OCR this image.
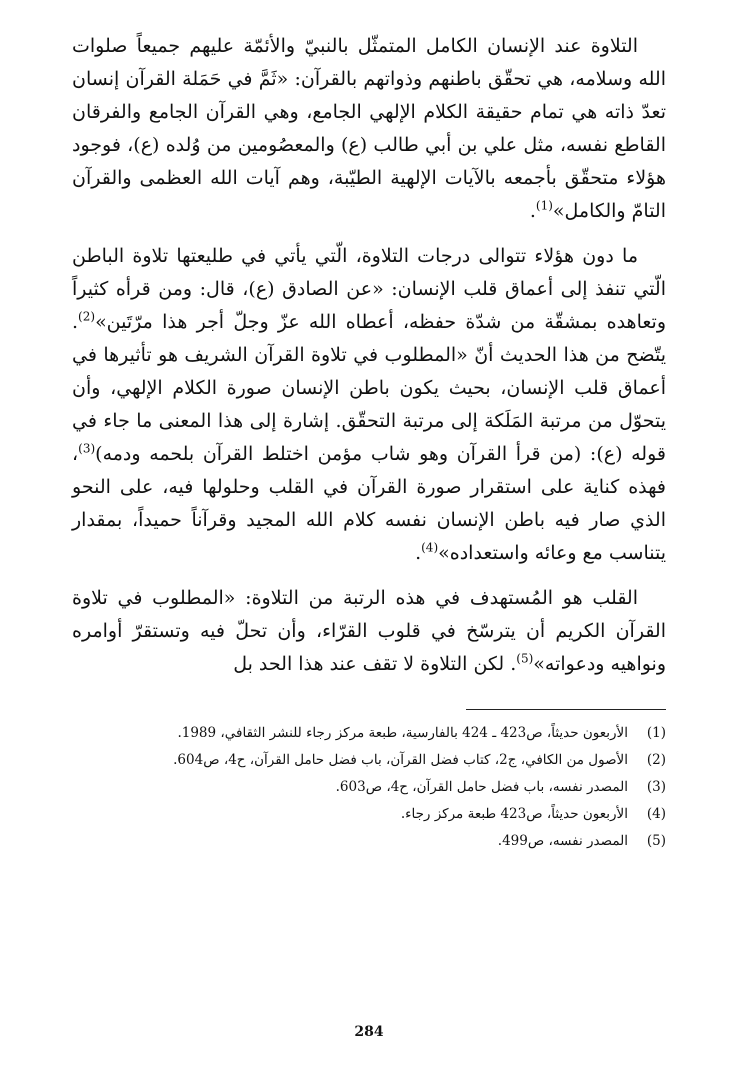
التلاوة عند الإنسان الكامل المتمثّل بالنبيّ والأئمّة عليهم جميعاً صلوات الله وسلامه، هي تحقّق باطنهم وذواتهم بالقرآن: «ثَمَّ في حَمَلة القرآن إنسان تعدّ ذاته هي تمام حقيقة الكلام الإلهي الجامع، وهي القرآن الجامع والفرقان القاطع نفسه، مثل علي بن أبي طالب (ع) والمعصُومين من وُلده (ع)، فوجود هؤلاء متحقّق بأجمعه بالآيات الإلهية الطيّبة، وهم آيات الله العظمى والقرآن التامّ والكامل»$^{(1)}$.

ما دون هؤلاء تتوالى درجات التلاوة، الّتي يأتي في طليعتها تلاوة الباطن الّتي تنفذ إلى أعماق قلب الإنسان: «عن الصادق (ع)، قال: ومن قرأه كثيراً وتعاهده بمشقّة من شدّة حفظه، أعطاه الله عزّ وجلّ أجر هذا مرّتَين»$^{(2)}$. يتّضح من هذا الحديث أنّ «المطلوب في تلاوة القرآن الشريف هو تأثيرها في أعماق قلب الإنسان، بحيث يكون باطن الإنسان صورة الكلام الإلهي، وأن يتحوّل من مرتبة المَلَكة إلى مرتبة التحقّق. إشارة إلى هذا المعنى ما جاء في قوله (ع): (من قرأ القرآن وهو شاب مؤمن اختلط القرآن بلحمه ودمه)$^{(3)}$، فهذه كناية على استقرار صورة القرآن في القلب وحلولها فيه، على النحو الذي صار فيه باطن الإنسان نفسه كلام الله المجيد وقرآناً حميداً، بمقدار يتناسب مع وعائه واستعداده»$^{(4)}$.

القلب هو المُستهدف في هذه الرتبة من التلاوة: «المطلوب في تلاوة القرآن الكريم أن يترسّخ في قلوب القرّاء، وأن تحلّ فيه وتستقرّ أوامره ونواهيه ودعواته»$^{(5)}$. لكن التلاوة لا تقف عند هذا الحد بل

(1)
الأربعون حديثاً، ص423 ـ 424 بالفارسية، طبعة مركز رجاء للنشر الثقافي، 1989.
(2)
الأصول من الكافي، ج2، كتاب فضل القرآن، باب فضل حامل القرآن، ح4، ص604.
(3)
المصدر نفسه، باب فضل حامل القرآن، ح4، ص603.
(4)
الأربعون حديثاً، ص423 طبعة مركز رجاء.
(5)
المصدر نفسه، ص499.
284
